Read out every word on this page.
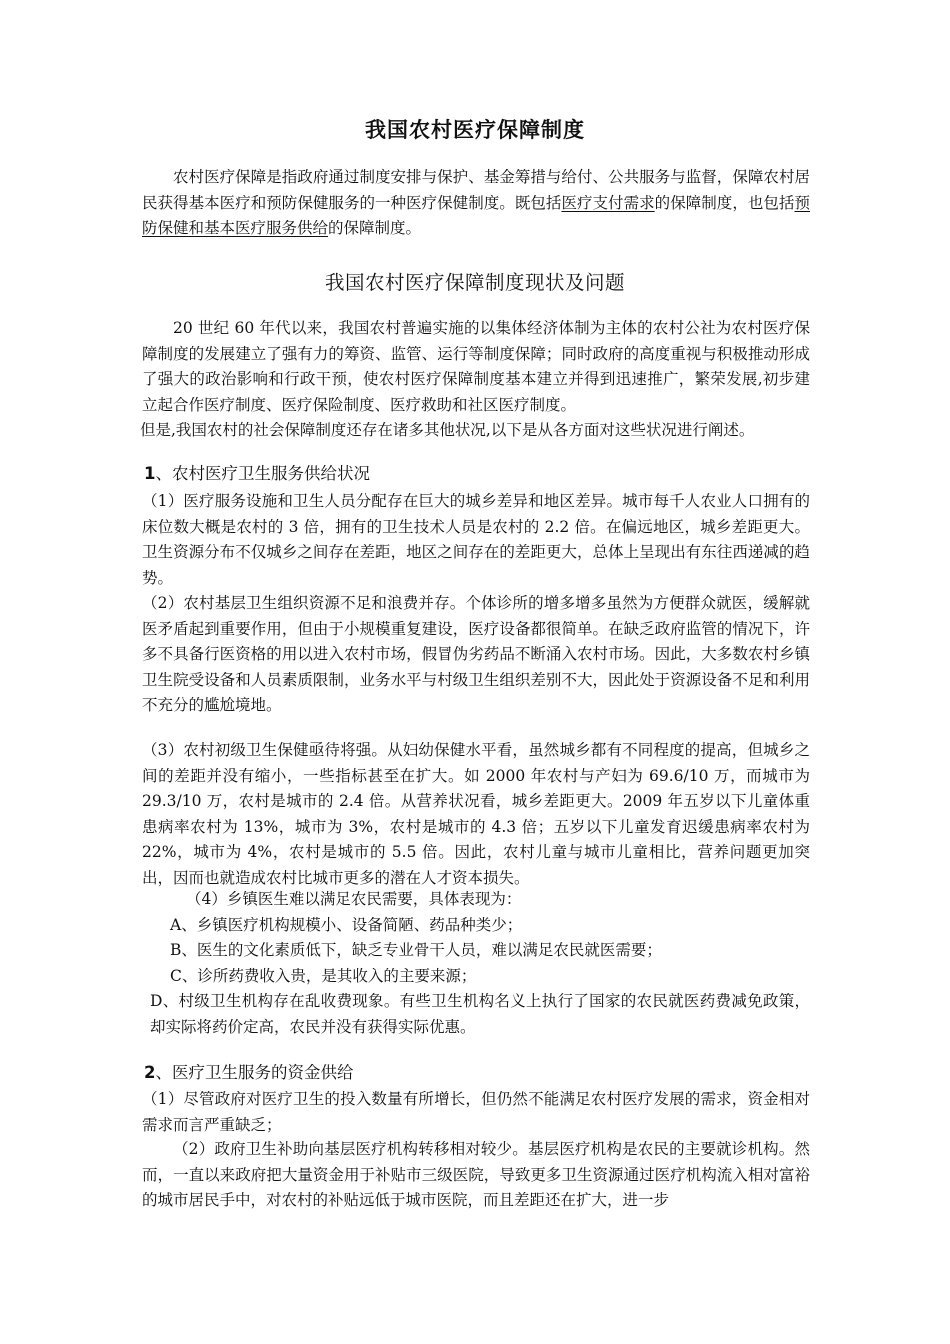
我国农村医疗保障制度
农村医疗保障是指政府通过制度安排与保护、基金筹措与给付、公共服务与监督，保障农村居民获得基本医疗和预防保健服务的一种医疗保健制度。既包括医疗支付需求的保障制度，也包括预防保健和基本医疗服务供给的保障制度。
我国农村医疗保障制度现状及问题
20 世纪 60 年代以来，我国农村普遍实施的以集体经济体制为主体的农村公社为农村医疗保障制度的发展建立了强有力的筹资、监管、运行等制度保障；同时政府的高度重视与积极推动形成了强大的政治影响和行政干预，使农村医疗保障制度基本建立并得到迅速推广，繁荣发展,初步建立起合作医疗制度、医疗保险制度、医疗救助和社区医疗制度。
但是,我国农村的社会保障制度还存在诸多其他状况,以下是从各方面对这些状况进行阐述。
1、农村医疗卫生服务供给状况
（1）医疗服务设施和卫生人员分配存在巨大的城乡差异和地区差异。城市每千人农业人口拥有的床位数大概是农村的 3 倍，拥有的卫生技术人员是农村的 2.2 倍。在偏远地区，城乡差距更大。卫生资源分布不仅城乡之间存在差距，地区之间存在的差距更大，总体上呈现出有东往西递减的趋势。
（2）农村基层卫生组织资源不足和浪费并存。个体诊所的增多增多虽然为方便群众就医，缓解就医矛盾起到重要作用，但由于小规模重复建设，医疗设备都很简单。在缺乏政府监管的情况下，许多不具备行医资格的用以进入农村市场，假冒伪劣药品不断涌入农村市场。因此，大多数农村乡镇卫生院受设备和人员素质限制，业务水平与村级卫生组织差别不大，因此处于资源设备不足和利用不充分的尴尬境地。
（3）农村初级卫生保健亟待将强。从妇幼保健水平看，虽然城乡都有不同程度的提高，但城乡之间的差距并没有缩小，一些指标甚至在扩大。如 2000 年农村与产妇为 69.6/10 万，而城市为 29.3/10 万，农村是城市的 2.4 倍。从营养状况看，城乡差距更大。2009 年五岁以下儿童体重患病率农村为 13%，城市为 3%，农村是城市的 4.3 倍；五岁以下儿童发育迟缓患病率农村为 22%，城市为 4%，农村是城市的 5.5 倍。因此，农村儿童与城市儿童相比，营养问题更加突出，因而也就造成农村比城市更多的潜在人才资本损失。
（4）乡镇医生难以满足农民需要，具体表现为：
A、乡镇医疗机构规模小、设备简陋、药品种类少；
B、医生的文化素质低下，缺乏专业骨干人员，难以满足农民就医需要；
C、诊所药费收入贵，是其收入的主要来源；
D、村级卫生机构存在乱收费现象。有些卫生机构名义上执行了国家的农民就医药费减免政策，却实际将药价定高，农民并没有获得实际优惠。
2、医疗卫生服务的资金供给
（1）尽管政府对医疗卫生的投入数量有所增长，但仍然不能满足农村医疗发展的需求，资金相对需求而言严重缺乏；
（2）政府卫生补助向基层医疗机构转移相对较少。基层医疗机构是农民的主要就诊机构。然而，一直以来政府把大量资金用于补贴市三级医院，导致更多卫生资源通过医疗机构流入相对富裕的城市居民手中，对农村的补贴远低于城市医院，而且差距还在扩大，进一步
